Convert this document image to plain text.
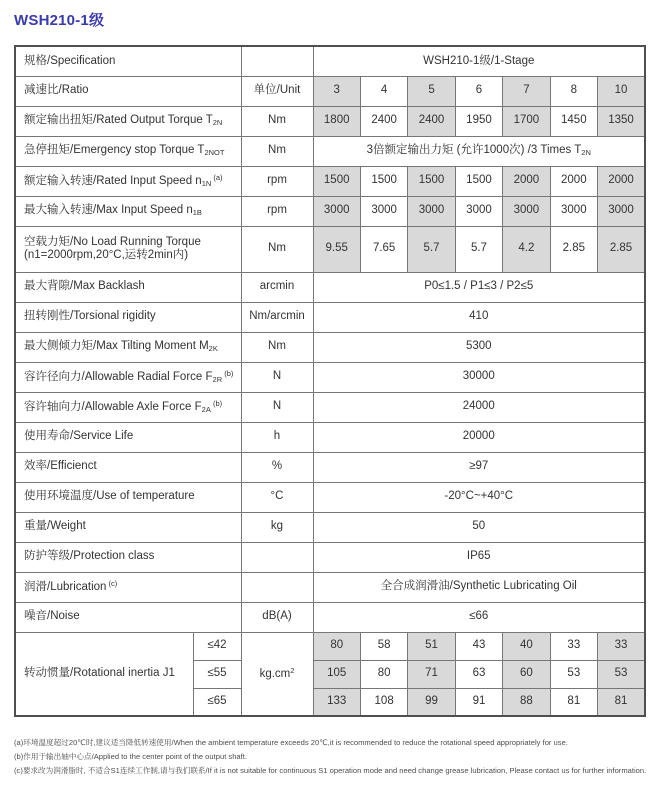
WSH210-1级
规格/Specification			WSH210-1级/1-Stage						
减速比/Ratio		单位/Unit	3	4	5	6	7	8	10
额定输出扭矩/Rated Output Torque $T_{2N}$		Nm	1800	2400	2400	1950	1700	1450	1350
急停扭矩/Emergency stop Torque $T_{2NOT}$		Nm	3倍额定输出力矩 (允许1000次) /3 Times $T_{2N}$
额定输入转速/Rated Input Speed $n_{1N}$ $^{(a)}$		rpm	1500	1500	1500	1500	2000	2000	2000
最大输入转速/Max Input Speed $n_{1B}$		rpm	3000	3000	3000	3000	3000	3000	3000
空载力矩/No Load Running Torque
(n1=2000rpm,20°C,运转2min内)		Nm	9.55	7.65	5.7	5.7	4.2	2.85	2.85
最大背隙/Max Backlash		arcmin	P0≤1.5 / P1≤3 / P2≤5						
扭转刚性/Torsional rigidity		Nm/arcmin	410						
最大侧倾力矩/Max Tilting Moment $M_{2K}$		Nm	5300						
容许径向力/Allowable Radial Force $F_{2R}$ $^{(b)}$		N	30000						
容许轴向力/Allowable Axle Force $F_{2A}$ $^{(b)}$		N	24000						
使用寿命/Service Life		h	20000						
效率/Efficienct		%	≥97						
使用环境温度/Use of temperature		°C	-20°C~+40°C						
重量/Weight		kg	50						
防护等级/Protection class			IP65						
润滑/Lubrication $^{(c)}$			全合成润滑油/Synthetic Lubricating Oil						
噪音/Noise		dB(A)	≤66						
转动惯量/Rotational inertia J1	≤42	$kg.cm^2$	80	58	51	43	40	33	33
	≤55		105	80	71	63	60	53	53
	≤65		133	108	99	91	88	81	81
(a)环境温度超过20℃时,建议适当降低转速使用/When the ambient temperature exceeds 20℃,it is recommended to reduce the rotational speed appropriately for use.
(b)作用于输出轴中心点/Applied to the center point of the output shaft.
(c)要求改为润滑脂时, 不适合S1连续工作制,请与我们联系/If it is not suitable for continuous S1 operation mode and need change grease lubrication, Please contact us for further information.
